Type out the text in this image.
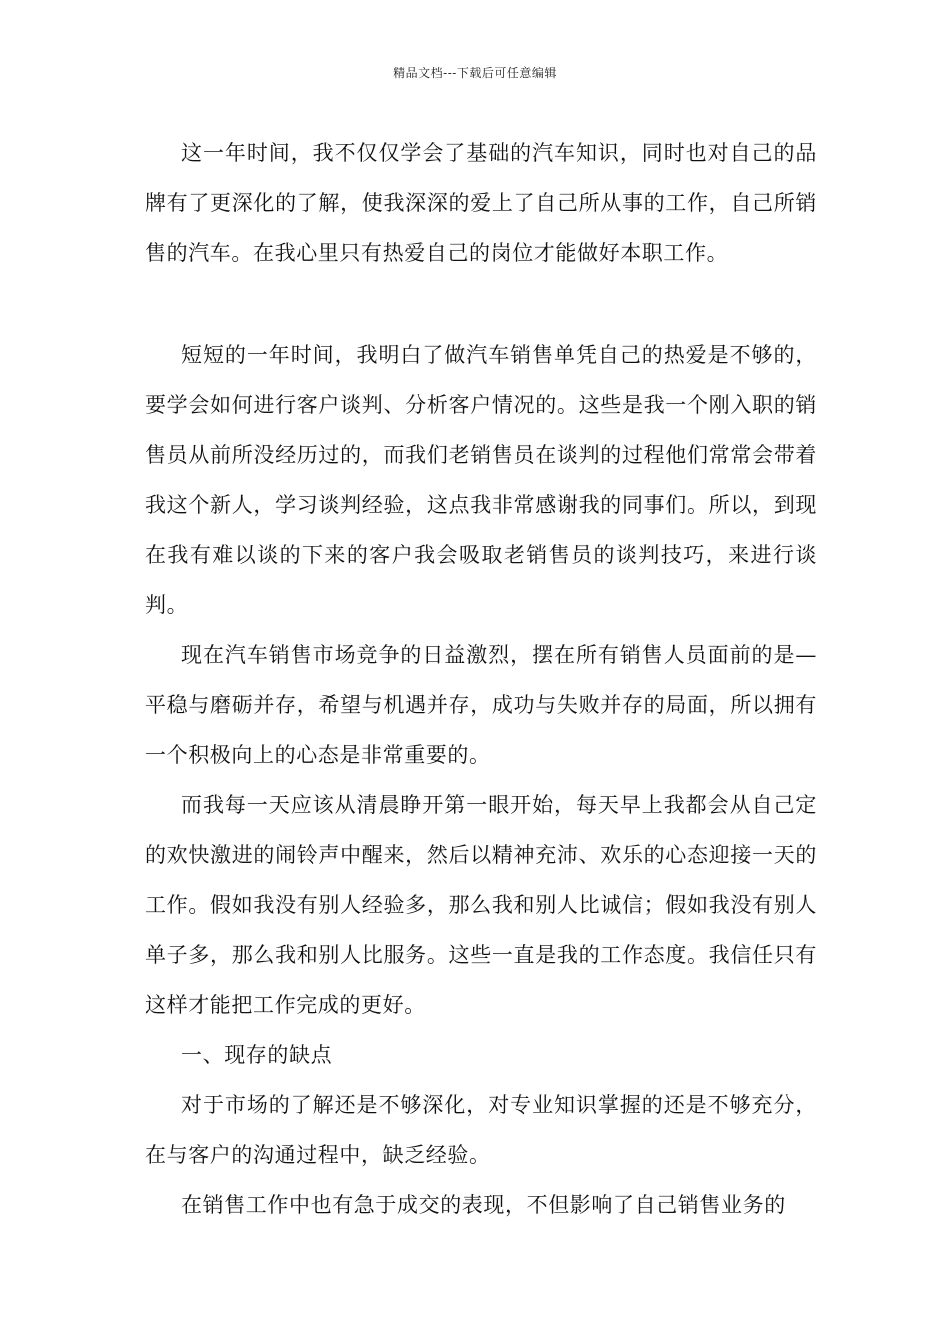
精品文档---下载后可任意编辑

这一年时间，我不仅仅学会了基础的汽车知识，同时也对自己的品牌有了更深化的了解，使我深深的爱上了自己所从事的工作，自己所销售的汽车。在我心里只有热爱自己的岗位才能做好本职工作。

短短的一年时间，我明白了做汽车销售单凭自己的热爱是不够的，要学会如何进行客户谈判、分析客户情况的。这些是我一个刚入职的销售员从前所没经历过的，而我们老销售员在谈判的过程他们常常会带着我这个新人，学习谈判经验，这点我非常感谢我的同事们。所以，到现在我有难以谈的下来的客户我会吸取老销售员的谈判技巧，来进行谈判。

现在汽车销售市场竞争的日益激烈，摆在所有销售人员面前的是—平稳与磨砺并存，希望与机遇并存，成功与失败并存的局面，所以拥有一个积极向上的心态是非常重要的。

而我每一天应该从清晨睁开第一眼开始，每天早上我都会从自己定的欢快激进的闹铃声中醒来，然后以精神充沛、欢乐的心态迎接一天的工作。假如我没有别人经验多，那么我和别人比诚信；假如我没有别人单子多，那么我和别人比服务。这些一直是我的工作态度。我信任只有这样才能把工作完成的更好。

一、现存的缺点

对于市场的了解还是不够深化，对专业知识掌握的还是不够充分，在与客户的沟通过程中，缺乏经验。

在销售工作中也有急于成交的表现，不但影响了自己销售业务的
